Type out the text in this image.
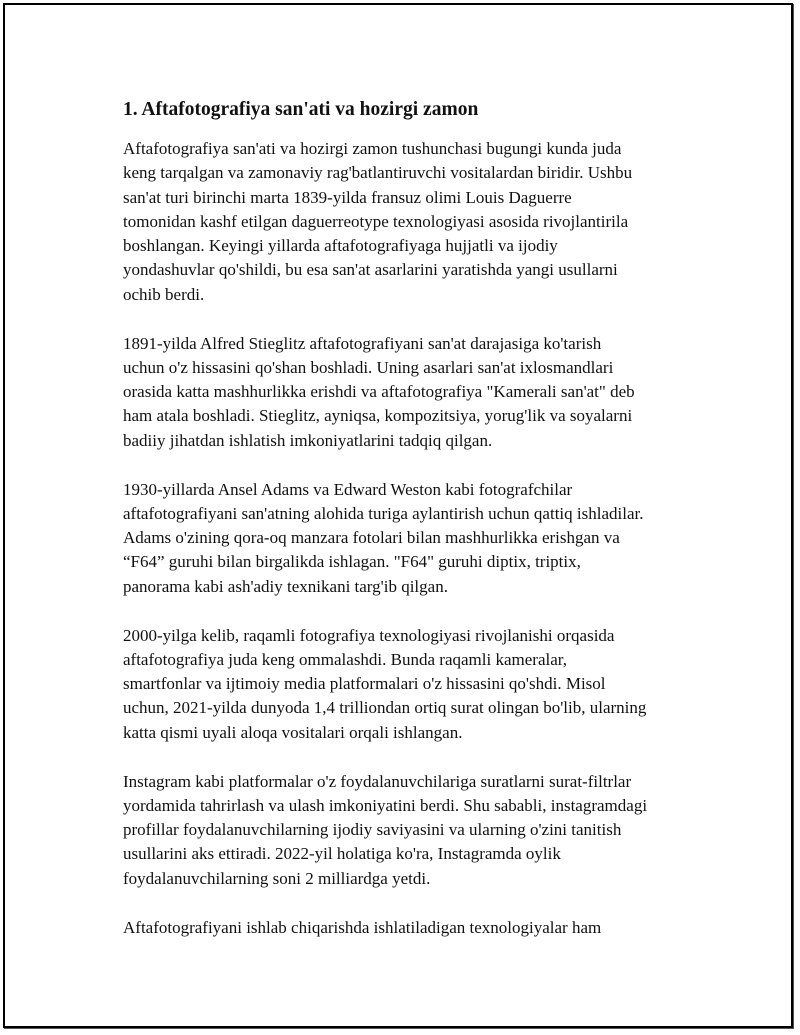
1. Aftafotografiya san'ati va hozirgi zamon

Aftafotografiya san'ati va hozirgi zamon tushunchasi bugungi kunda juda
keng tarqalgan va zamonaviy rag'batlantiruvchi vositalardan biridir. Ushbu
san'at turi birinchi marta 1839-yilda fransuz olimi Louis Daguerre
tomonidan kashf etilgan daguerreotype texnologiyasi asosida rivojlantirila
boshlangan. Keyingi yillarda aftafotografiyaga hujjatli va ijodiy
yondashuvlar qo'shildi, bu esa san'at asarlarini yaratishda yangi usullarni
ochib berdi.

1891-yilda Alfred Stieglitz aftafotografiyani san'at darajasiga ko'tarish
uchun o'z hissasini qo'shan boshladi. Uning asarlari san'at ixlosmandlari
orasida katta mashhurlikka erishdi va aftafotografiya "Kamerali san'at" deb
ham atala boshladi. Stieglitz, ayniqsa, kompozitsiya, yorug'lik va soyalarni
badiiy jihatdan ishlatish imkoniyatlarini tadqiq qilgan.

1930-yillarda Ansel Adams va Edward Weston kabi fotografchilar
aftafotografiyani san'atning alohida turiga aylantirish uchun qattiq ishladilar.
Adams o'zining qora-oq manzara fotolari bilan mashhurlikka erishgan va
“F64” guruhi bilan birgalikda ishlagan. "F64" guruhi diptix, triptix,
panorama kabi ash'adiy texnikani targ'ib qilgan.

2000-yilga kelib, raqamli fotografiya texnologiyasi rivojlanishi orqasida
aftafotografiya juda keng ommalashdi. Bunda raqamli kameralar,
smartfonlar va ijtimoiy media platformalari o'z hissasini qo'shdi. Misol
uchun, 2021-yilda dunyoda 1,4 trilliondan ortiq surat olingan bo'lib, ularning
katta qismi uyali aloqa vositalari orqali ishlangan.

Instagram kabi platformalar o'z foydalanuvchilariga suratlarni surat-filtrlar
yordamida tahrirlash va ulash imkoniyatini berdi. Shu sababli, instagramdagi
profillar foydalanuvchilarning ijodiy saviyasini va ularning o'zini tanitish
usullarini aks ettiradi. 2022-yil holatiga ko'ra, Instagramda oylik
foydalanuvchilarning soni 2 milliardga yetdi.

Aftafotografiyani ishlab chiqarishda ishlatiladigan texnologiyalar ham
